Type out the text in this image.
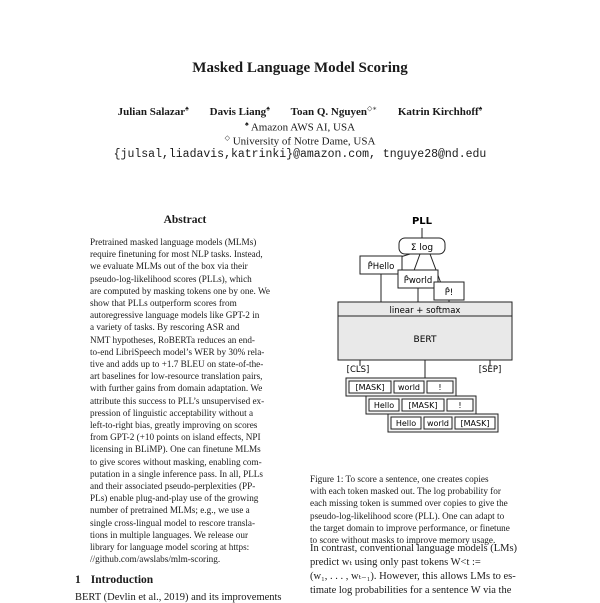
Masked Language Model Scoring
Julian Salazar♠ Davis Liang♠ Toan Q. Nguyen◇∗ Katrin Kirchhoff♠
♠ Amazon AWS AI, USA
◇ University of Notre Dame, USA
{julsal,liadavis,katrinki}@amazon.com, tnguye28@nd.edu
Abstract
Pretrained masked language models (MLMs)
require finetuning for most NLP tasks. Instead,
we evaluate MLMs out of the box via their
pseudo-log-likelihood scores (PLLs), which
are computed by masking tokens one by one. We
show that PLLs outperform scores from
autoregressive language models like GPT-2 in
a variety of tasks. By rescoring ASR and
NMT hypotheses, RoBERTa reduces an end-
to-end LibriSpeech model’s WER by 30% rela-
tive and adds up to +1.7 BLEU on state-of-the-
art baselines for low-resource translation pairs,
with further gains from domain adaptation. We
attribute this success to PLL’s unsupervised ex-
pression of linguistic acceptability without a
left-to-right bias, greatly improving on scores
from GPT-2 (+10 points on island effects, NPI
licensing in BLiMP). One can finetune MLMs
to give scores without masking, enabling com-
putation in a single inference pass. In all, PLLs
and their associated pseudo-perplexities (PP-
PLs) enable plug-and-play use of the growing
number of pretrained MLMs; e.g., we use a
single cross-lingual model to rescore transla-
tions in multiple languages. We release our
library for language model scoring at https:
//github.com/awslabs/mlm-scoring.
1 Introduction
BERT (Devlin et al., 2019) and its improvements
PLL
Σ log
P̂Hello
P̂world
P̂!
linear + softmax
BERT
[CLS]	[SEP]
[MASK] world !
Hello [MASK]	!
Hello world [MASK]
Figure 1: To score a sentence, one creates copies
with each token masked out. The log probability for
each missing token is summed over copies to give the
pseudo-log-likelihood score (PLL). One can adapt to
the target domain to improve performance, or finetune
to score without masks to improve memory usage.
In contrast, conventional language models (LMs)
predict wₜ using only past tokens W<t :=
(w₁, . . . , wₜ₋₁). However, this allows LMs to es-
timate log probabilities for a sentence W via the
